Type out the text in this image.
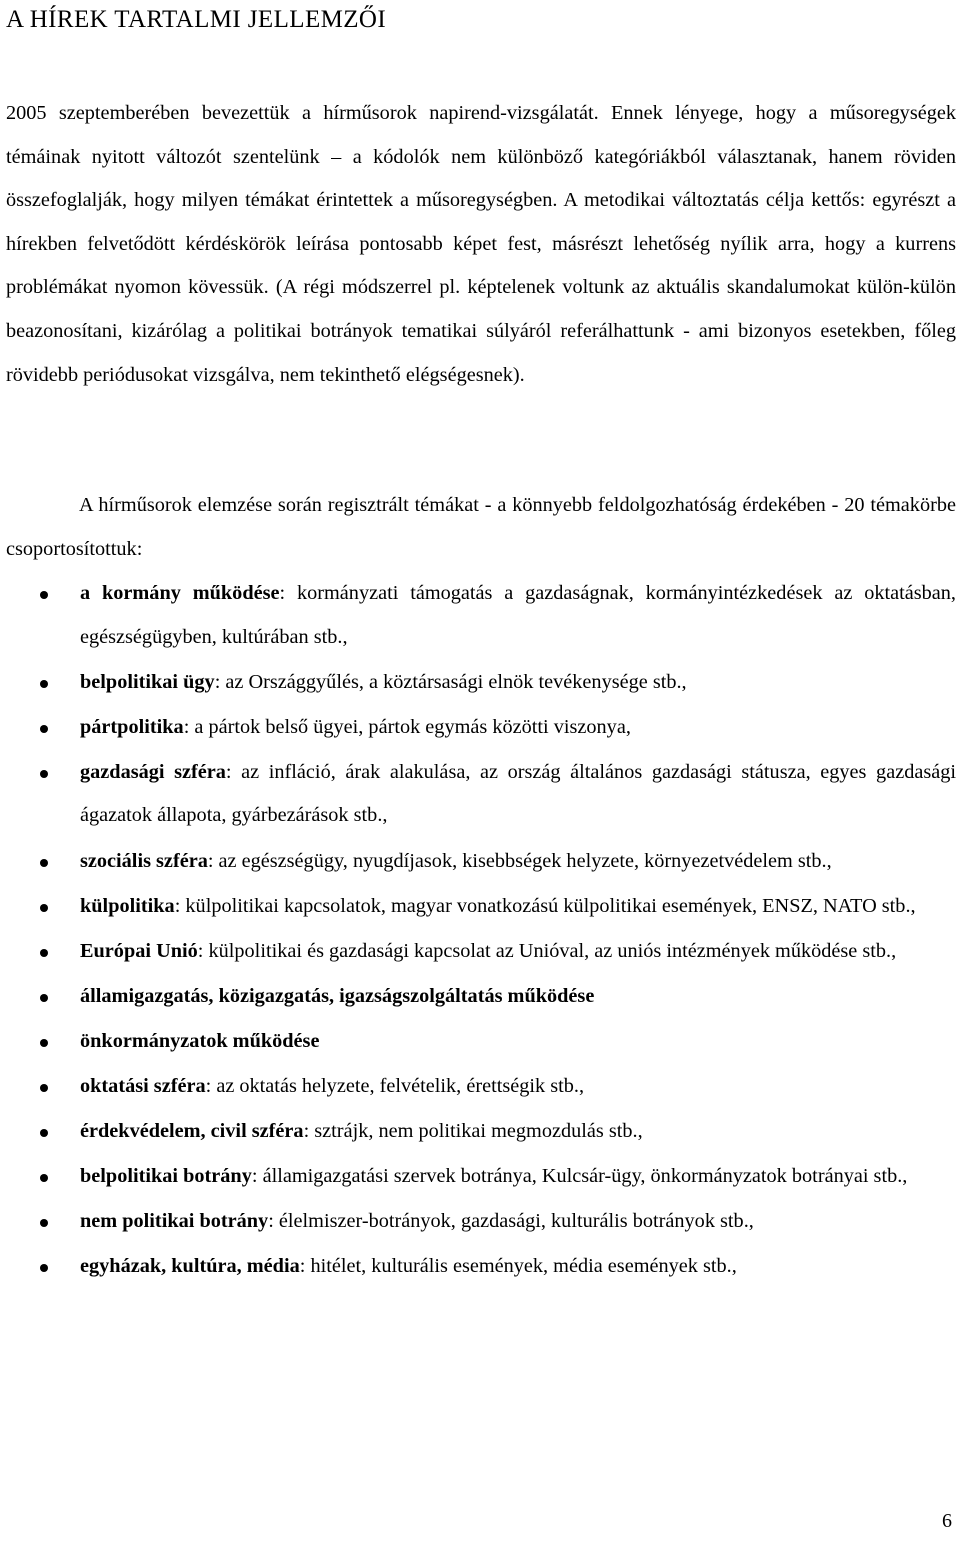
A HÍREK TARTALMI JELLEMZŐI
2005 szeptemberében bevezettük a hírműsorok napirend-vizsgálatát. Ennek lényege, hogy a műsoregységek témáinak nyitott változót szentelünk – a kódolók nem különböző kategóriákból választanak, hanem röviden összefoglalják, hogy milyen témákat érintettek a műsoregységben. A metodikai változtatás célja kettős: egyrészt a hírekben felvetődött kérdéskörök leírása pontosabb képet fest, másrészt lehetőség nyílik arra, hogy a kurrens problémákat nyomon kövessük. (A régi módszerrel pl. képtelenek voltunk az aktuális skandalumokat külön-külön beazonosítani, kizárólag a politikai botrányok tematikai súlyáról referálhattunk - ami bizonyos esetekben, főleg rövidebb periódusokat vizsgálva, nem tekinthető elégségesnek).
A hírműsorok elemzése során regisztrált témákat - a könnyebb feldolgozhatóság érdekében - 20 témakörbe csoportosítottuk:
a kormány működése: kormányzati támogatás a gazdaságnak, kormányintézkedések az oktatásban, egészségügyben, kultúrában stb.,
belpolitikai ügy: az Országgyűlés, a köztársasági elnök tevékenysége stb.,
pártpolitika: a pártok belső ügyei, pártok egymás közötti viszonya,
gazdasági szféra: az infláció, árak alakulása, az ország általános gazdasági státusza, egyes gazdasági ágazatok állapota, gyárbezárások stb.,
szociális szféra: az egészségügy, nyugdíjasok, kisebbségek helyzete, környezetvédelem stb.,
külpolitika: külpolitikai kapcsolatok, magyar vonatkozású külpolitikai események, ENSZ, NATO stb.,
Európai Unió: külpolitikai és gazdasági kapcsolat az Unióval, az uniós intézmények működése stb.,
államigazgatás, közigazgatás, igazságszolgáltatás működése
önkormányzatok működése
oktatási szféra: az oktatás helyzete, felvételik, érettségik stb.,
érdekvédelem, civil szféra: sztrájk, nem politikai megmozdulás stb.,
belpolitikai botrány: államigazgatási szervek botránya, Kulcsár-ügy, önkormányzatok botrányai stb.,
nem politikai botrány: élelmiszer-botrányok, gazdasági, kulturális botrányok stb.,
egyházak, kultúra, média: hitélet, kulturális események, média események stb.,
6
